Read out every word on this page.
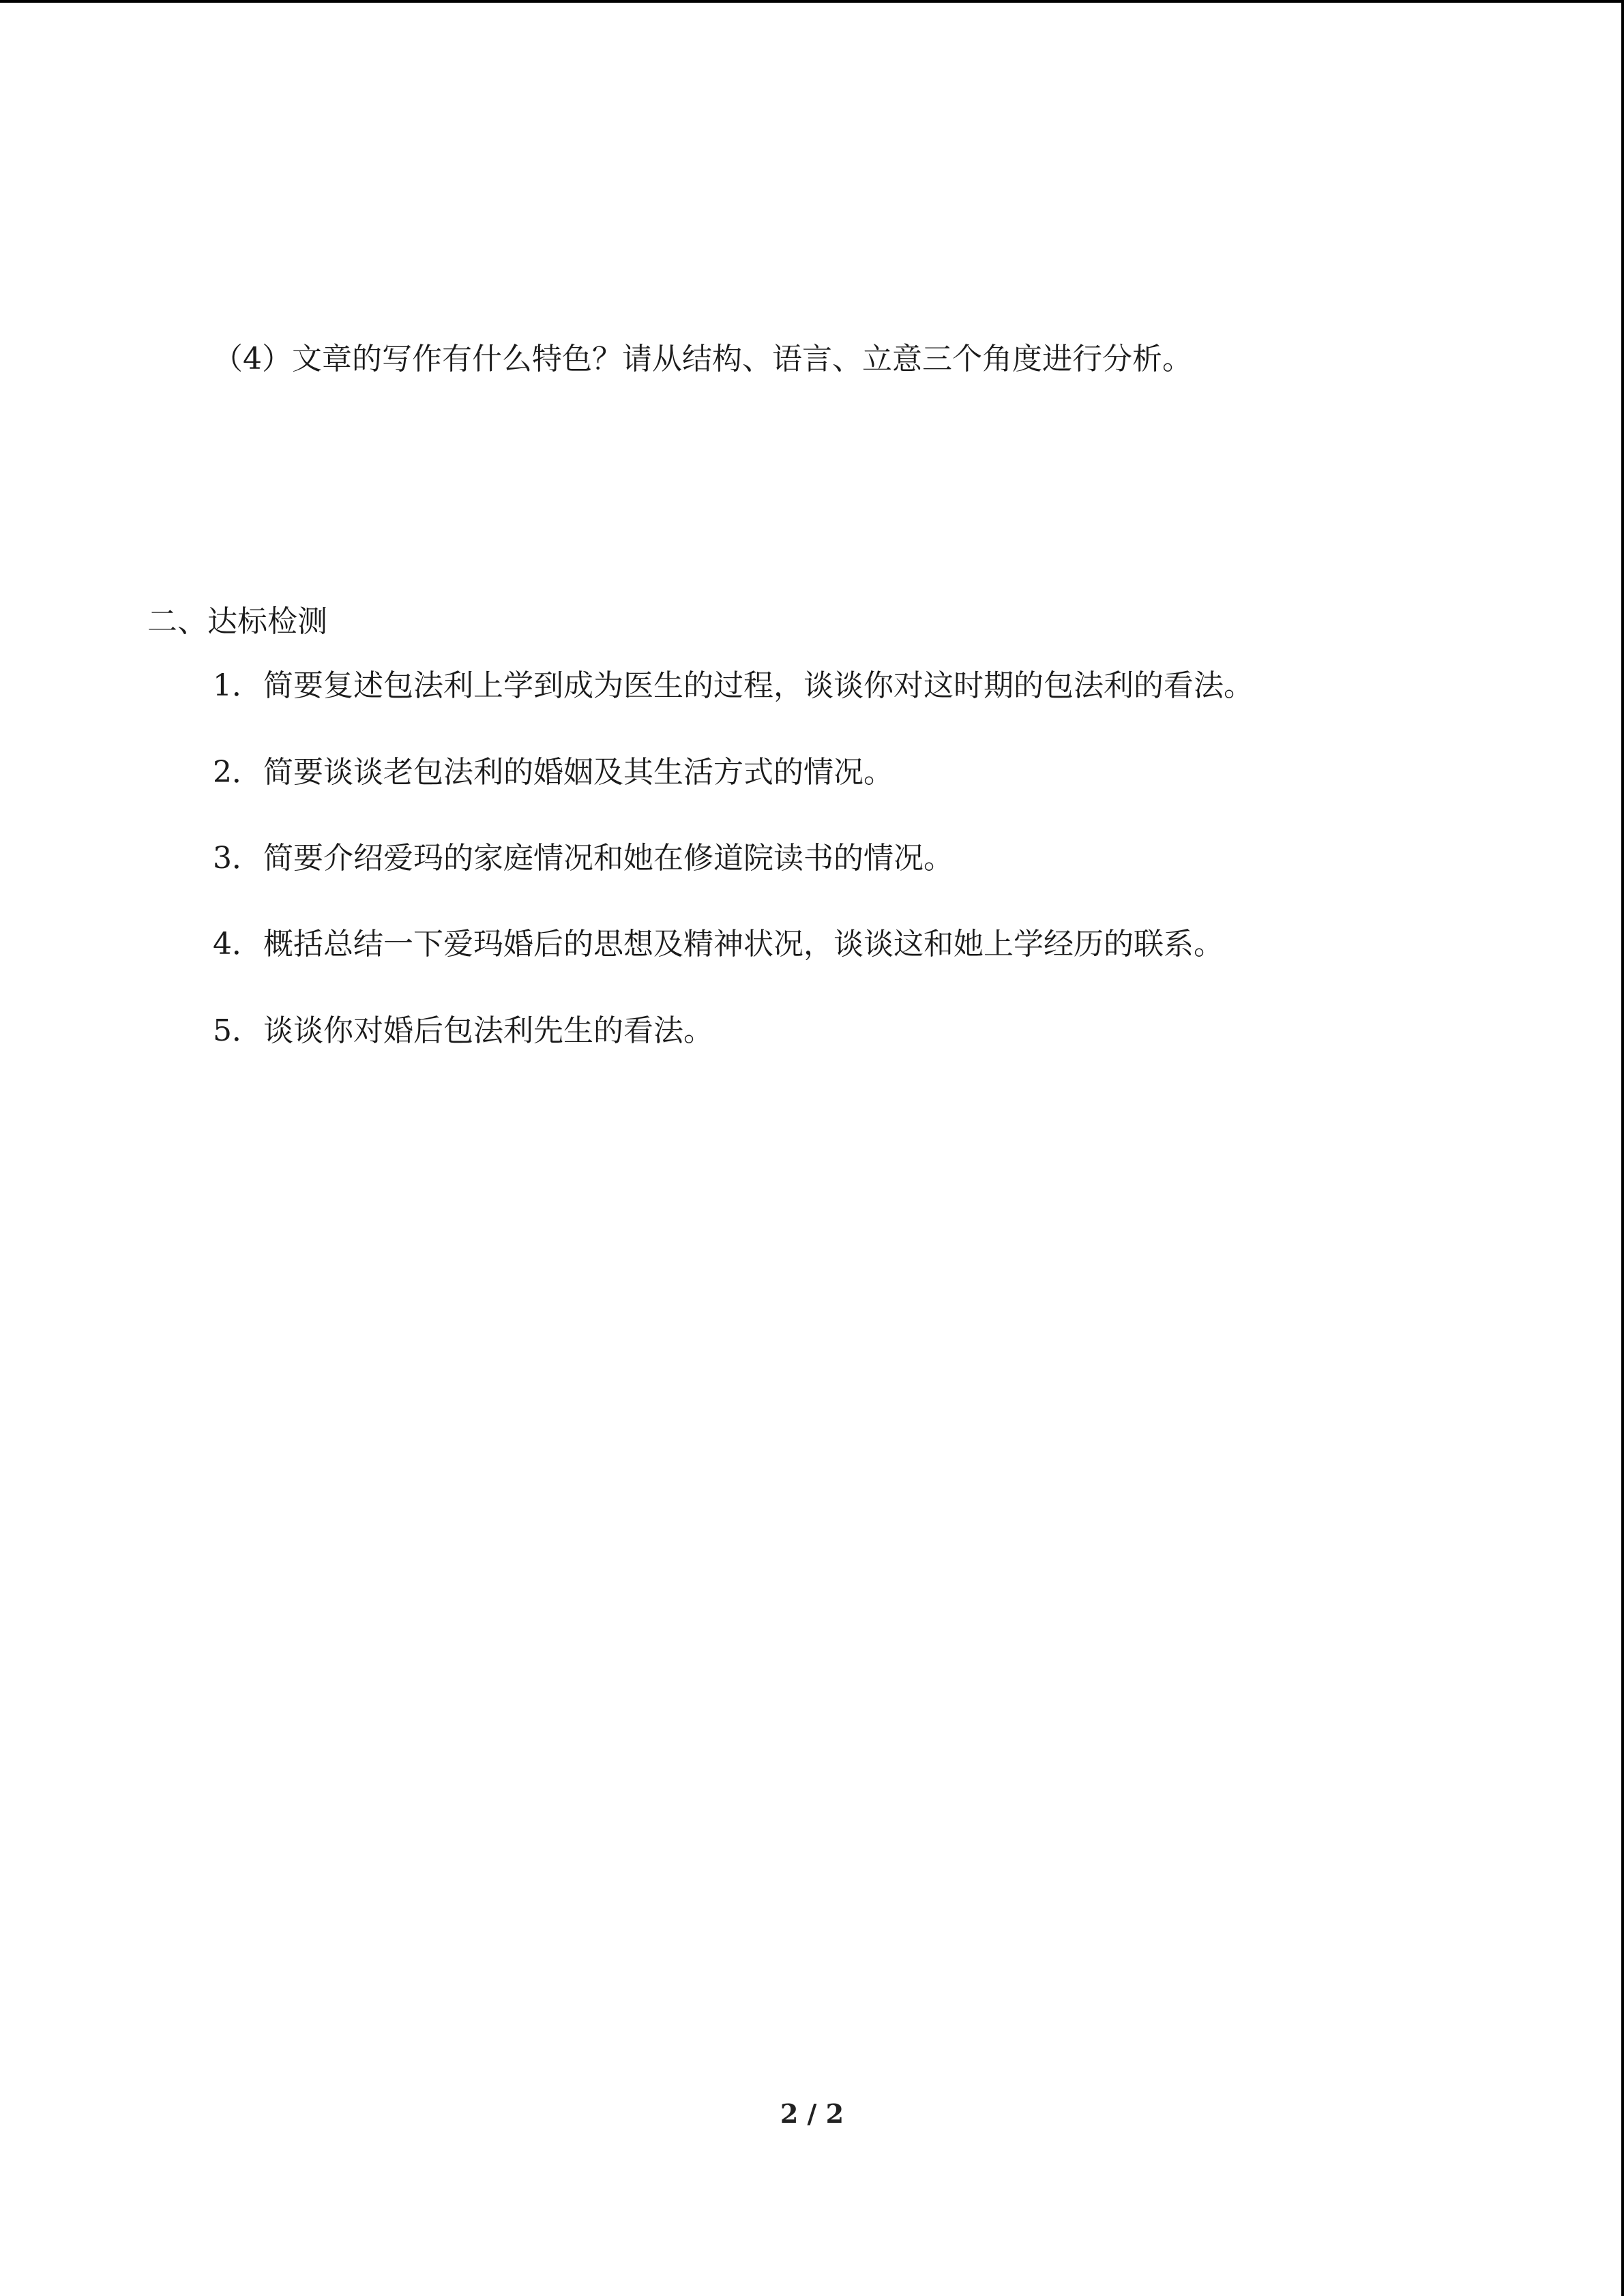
（4）文章的写作有什么特色？请从结构、语言、立意三个角度进行分析。
二、达标检测
1．简要复述包法利上学到成为医生的过程，谈谈你对这时期的包法利的看法。
2．简要谈谈老包法利的婚姻及其生活方式的情况。
3．简要介绍爱玛的家庭情况和她在修道院读书的情况。
4．概括总结一下爱玛婚后的思想及精神状况，谈谈这和她上学经历的联系。
5．谈谈你对婚后包法利先生的看法。
2 / 2
